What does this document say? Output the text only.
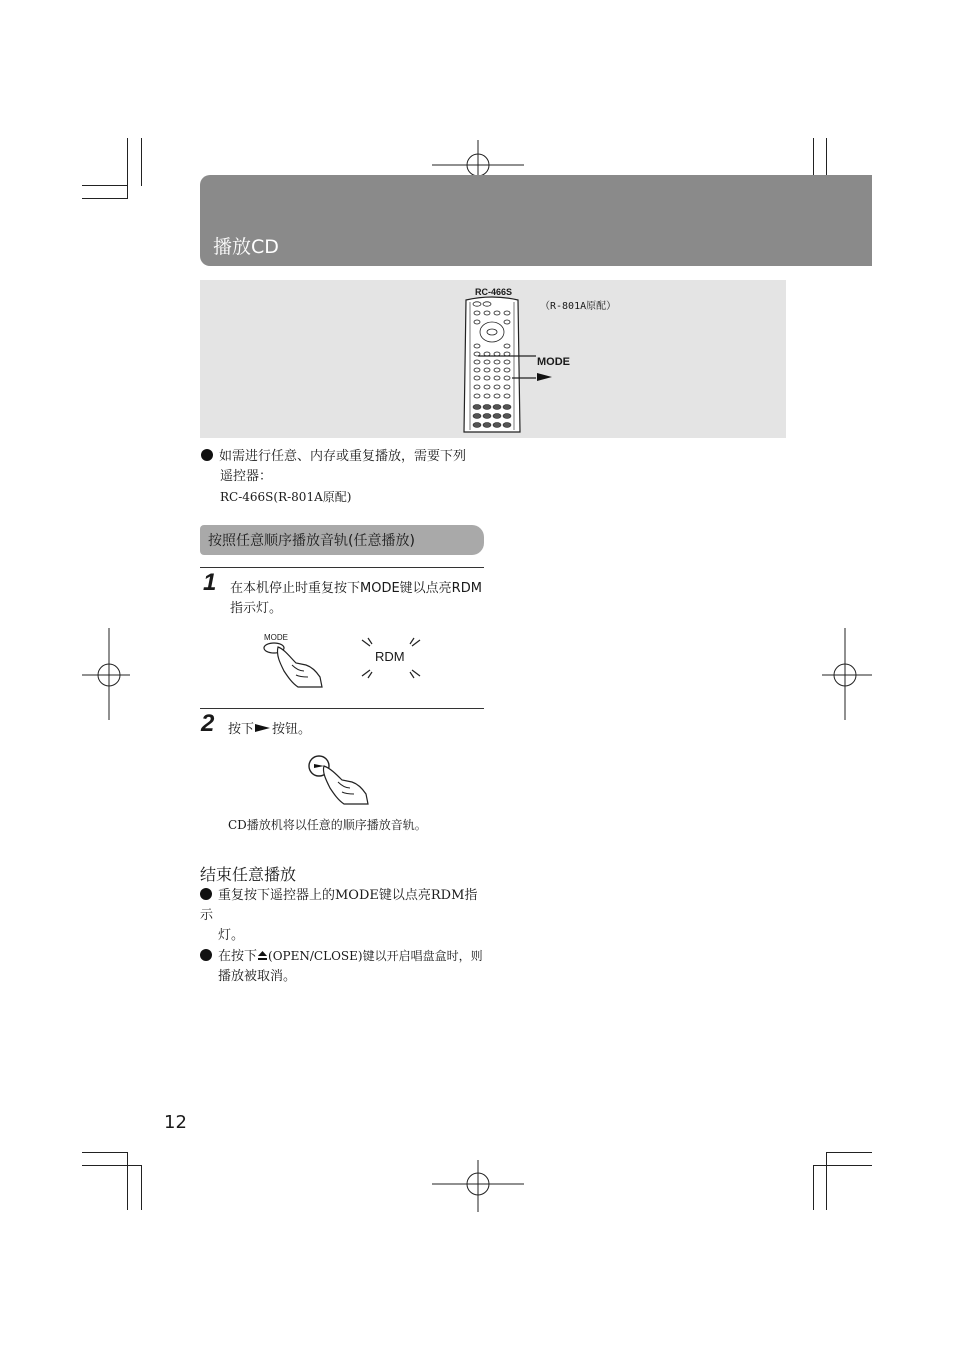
播放CD
RC-466S
（R-801A原配）
MODE
如需进行任意、内存或重复播放，需要下列
遥控器：
RC-466S(R-801A原配)
按照任意顺序播放音轨(任意播放)
1 在本机停止时重复按下MODE键以点亮RDM
指示灯。
MODE
RDM
2 按下 按钮。
CD播放机将以任意的顺序播放音轨。
结束任意播放
重复按下遥控器上的MODE键以点亮RDM指示
灯。
在按下 (OPEN/CLOSE)键以开启唱盘盒时，则
播放被取消。
12
